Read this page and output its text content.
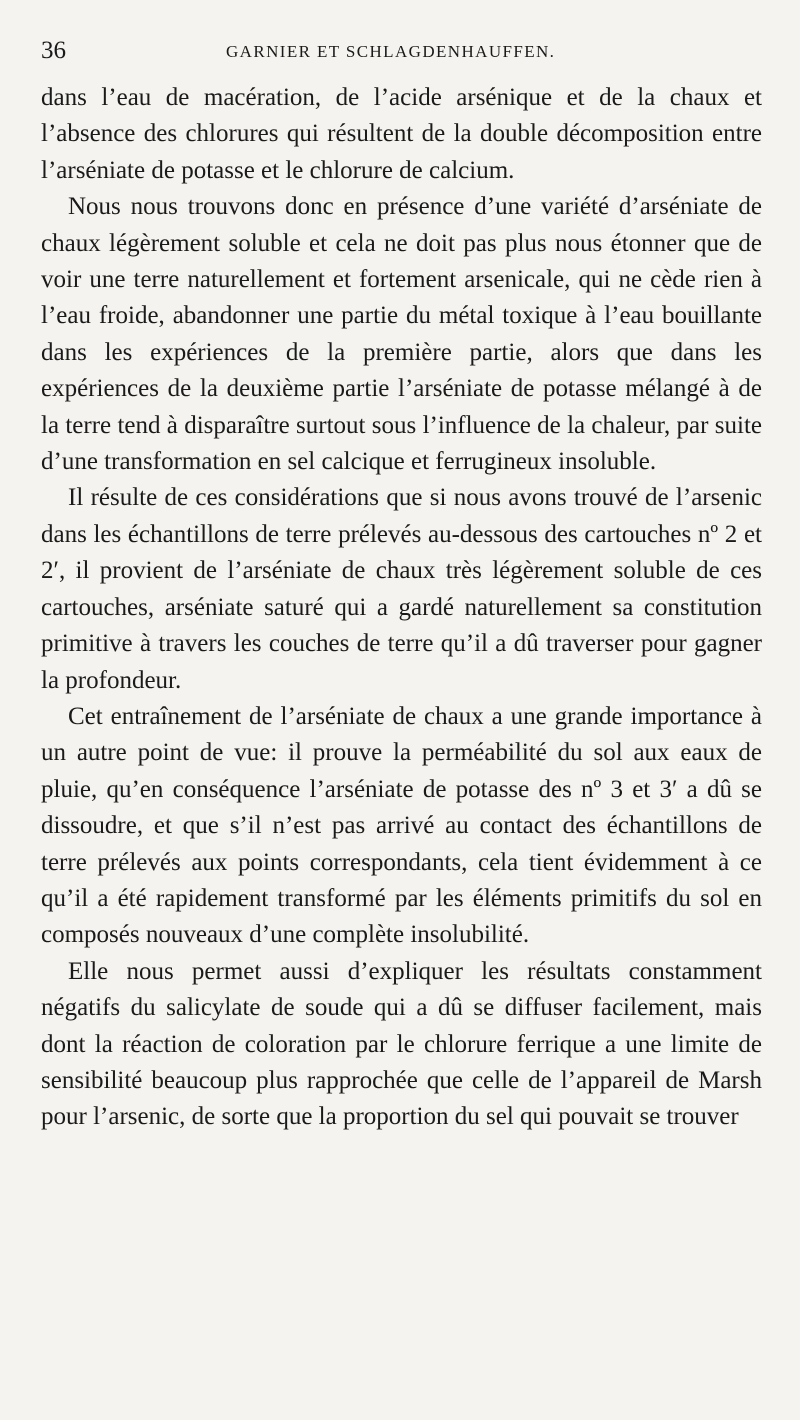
36	GARNIER ET SCHLAGDENHAUFFEN.

dans l’eau de macération, de l’acide arsénique et de la chaux et l’absence des chlorures qui résultent de la double décomposition entre l’arséniate de potasse et le chlorure de calcium.

Nous nous trouvons donc en présence d’une variété d’arséniate de chaux légèrement soluble et cela ne doit pas plus nous étonner que de voir une terre naturellement et fortement arsenicale, qui ne cède rien à l’eau froide, abandonner une partie du métal toxique à l’eau bouillante dans les expériences de la première partie, alors que dans les expériences de la deuxième partie l’arséniate de potasse mélangé à de la terre tend à disparaître surtout sous l’influence de la chaleur, par suite d’une transformation en sel calcique et ferrugineux insoluble.

Il résulte de ces considérations que si nous avons trouvé de l’arsenic dans les échantillons de terre prélevés au-dessous des cartouches nº 2 et 2′, il provient de l’arséniate de chaux très légèrement soluble de ces cartouches, arséniate saturé qui a gardé naturellement sa constitution primitive à travers les couches de terre qu’il a dû traverser pour gagner la profondeur.

Cet entraînement de l’arséniate de chaux a une grande importance à un autre point de vue: il prouve la perméabilité du sol aux eaux de pluie, qu’en conséquence l’arséniate de potasse des nº 3 et 3′ a dû se dissoudre, et que s’il n’est pas arrivé au contact des échantillons de terre prélevés aux points correspondants, cela tient évidemment à ce qu’il a été rapidement transformé par les éléments primitifs du sol en composés nouveaux d’une complète insolubilité.

Elle nous permet aussi d’expliquer les résultats constamment négatifs du salicylate de soude qui a dû se diffuser facilement, mais dont la réaction de coloration par le chlorure ferrique a une limite de sensibilité beaucoup plus rapprochée que celle de l’appareil de Marsh pour l’arsenic, de sorte que la proportion du sel qui pouvait se trouver
